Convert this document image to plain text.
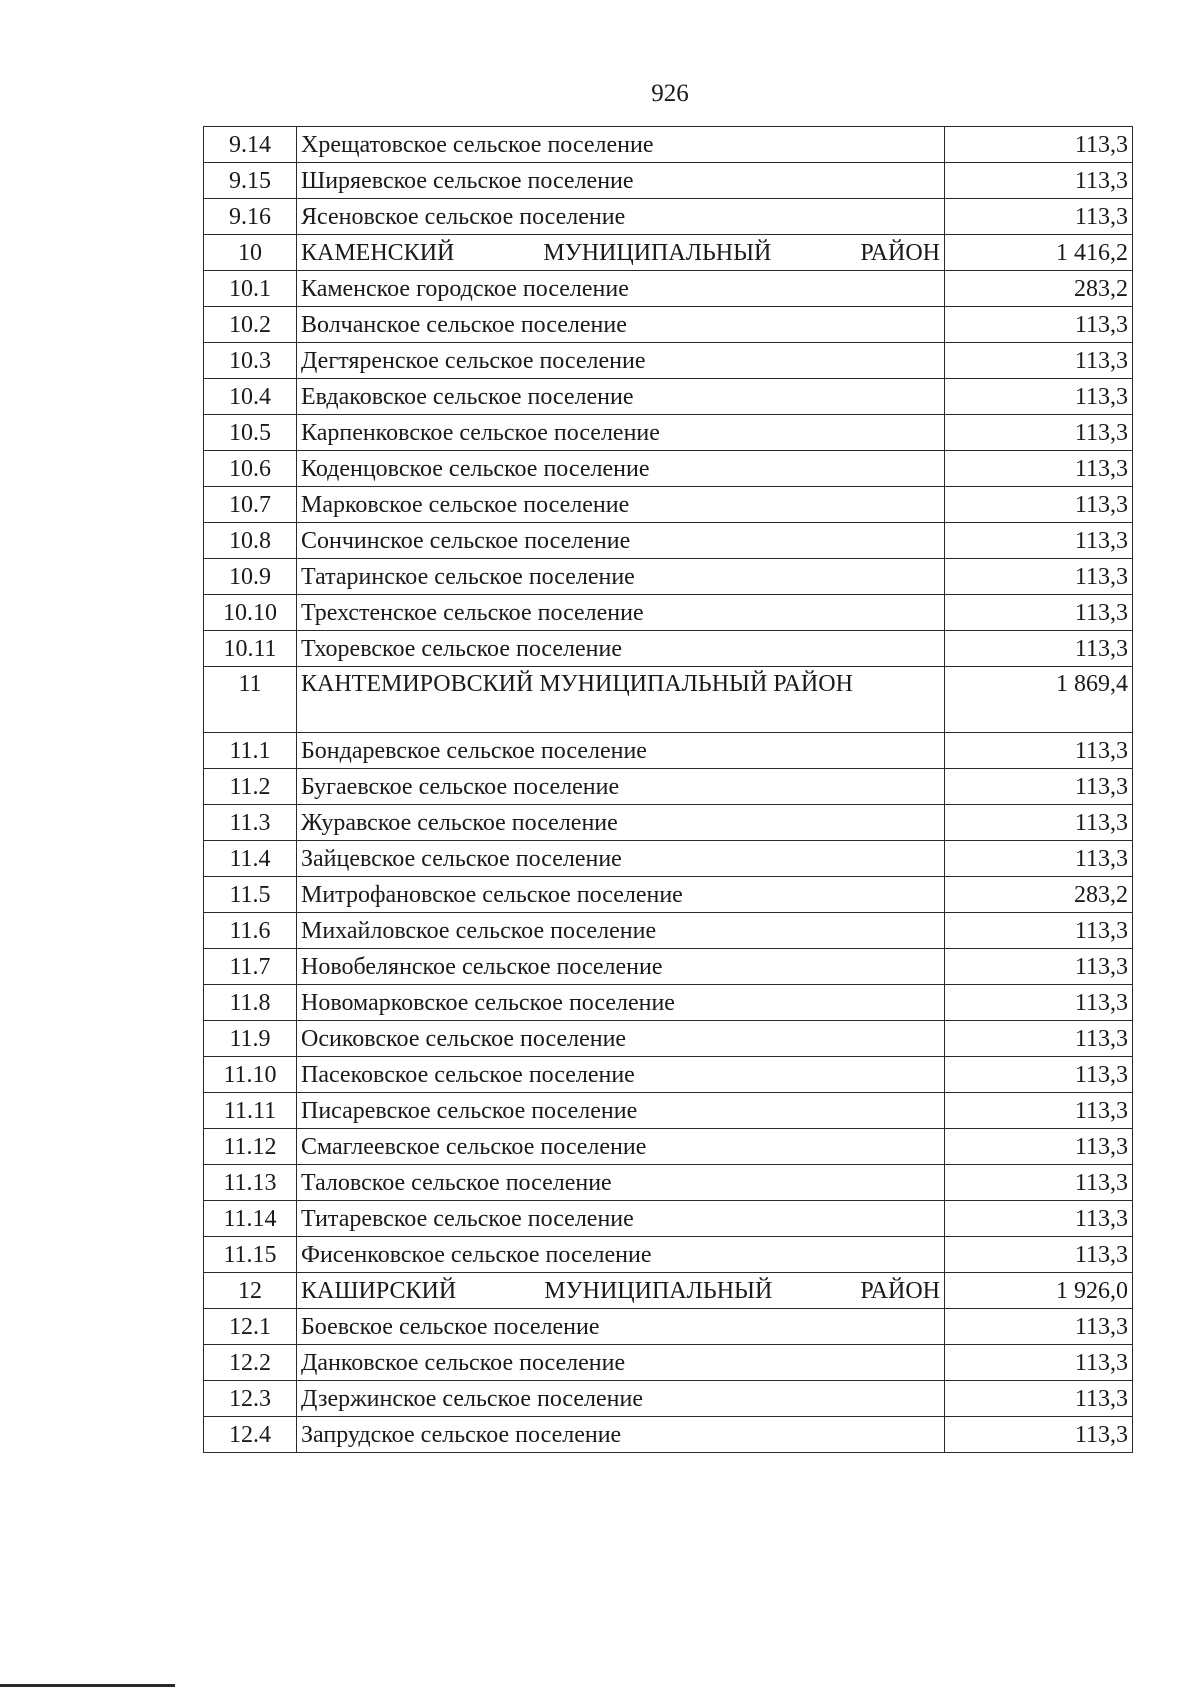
926
9.14	Хрещатовское сельское поселение	113,3
9.15	Ширяевское сельское поселение	113,3
9.16	Ясеновское сельское поселение	113,3
10	КАМЕНСКИЙ МУНИЦИПАЛЬНЫЙ РАЙОН	1 416,2
10.1	Каменское городское поселение	283,2
10.2	Волчанское сельское поселение	113,3
10.3	Дегтяренское сельское поселение	113,3
10.4	Евдаковское сельское поселение	113,3
10.5	Карпенковское сельское поселение	113,3
10.6	Коденцовское сельское поселение	113,3
10.7	Марковское сельское поселение	113,3
10.8	Сончинское сельское поселение	113,3
10.9	Татаринское сельское поселение	113,3
10.10	Трехстенское сельское поселение	113,3
10.11	Тхоревское сельское поселение	113,3
11	КАНТЕМИРОВСКИЙ МУНИЦИПАЛЬНЫЙ РАЙОН	1 869,4
11.1	Бондаревское сельское поселение	113,3
11.2	Бугаевское сельское поселение	113,3
11.3	Журавское сельское поселение	113,3
11.4	Зайцевское сельское поселение	113,3
11.5	Митрофановское сельское поселение	283,2
11.6	Михайловское сельское поселение	113,3
11.7	Новобелянское сельское поселение	113,3
11.8	Новомарковское сельское поселение	113,3
11.9	Осиковское сельское поселение	113,3
11.10	Пасековское сельское поселение	113,3
11.11	Писаревское сельское поселение	113,3
11.12	Смаглеевское сельское поселение	113,3
11.13	Таловское сельское поселение	113,3
11.14	Титаревское сельское поселение	113,3
11.15	Фисенковское сельское поселение	113,3
12	КАШИРСКИЙ МУНИЦИПАЛЬНЫЙ РАЙОН	1 926,0
12.1	Боевское сельское поселение	113,3
12.2	Данковское сельское поселение	113,3
12.3	Дзержинское сельское поселение	113,3
12.4	Запрудское сельское поселение	113,3
